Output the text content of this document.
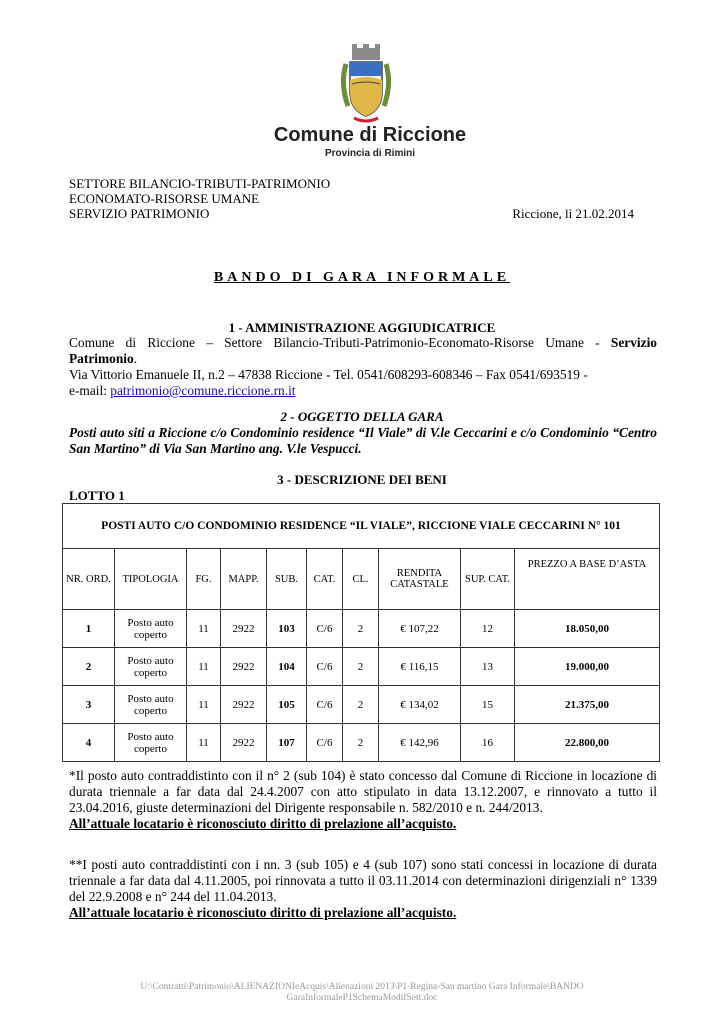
Comune di Riccione
Provincia di Rimini
SETTORE BILANCIO-TRIBUTI-PATRIMONIO
ECONOMATO-RISORSE UMANE
SERVIZIO PATRIMONIO	Riccione, lì 21.02.2014
BANDO DI GARA INFORMALE
1 - AMMINISTRAZIONE AGGIUDICATRICE
Comune di Riccione – Settore Bilancio-Tributi-Patrimonio-Economato-Risorse Umane - Servizio Patrimonio.
Via Vittorio Emanuele II, n.2 – 47838 Riccione - Tel. 0541/608293-608346 – Fax 0541/693519 -
e-mail: patrimonio@comune.riccione.rn.it
2 - OGGETTO DELLA GARA
Posti auto siti a Riccione c/o Condominio residence “Il Viale” di V.le Ceccarini e c/o Condominio “Centro San Martino” di Via San Martino ang. V.le Vespucci.
3 - DESCRIZIONE DEI BENI
LOTTO 1
POSTI AUTO C/O CONDOMINIO RESIDENCE “IL VIALE”, RICCIONE VIALE CECCARINI N° 101									
NR. ORD.	TIPOLOGIA	FG.	MAPP.	SUB.	CAT.	CL.	RENDITA CATASTALE	SUP. CAT.	PREZZO A BASE D’ASTA
1	Posto auto coperto	11	2922	103	C/6	2	€ 107,22	12	18.050,00
2	Posto auto coperto	11	2922	104	C/6	2	€ 116,15	13	19.000,00
3	Posto auto coperto	11	2922	105	C/6	2	€ 134,02	15	21.375,00
4	Posto auto coperto	11	2922	107	C/6	2	€ 142,96	16	22.800,00
*Il posto auto contraddistinto con il n° 2 (sub 104) è stato concesso dal Comune di Riccione in locazione di durata triennale a far data dal 24.4.2007 con atto stipulato in data 13.12.2007, e rinnovato a tutto il 23.04.2016, giuste determinazioni del Dirigente responsabile n. 582/2010 e n. 244/2013.
All’attuale locatario è riconosciuto diritto di prelazione all’acquisto.
**I posti auto contraddistinti con i nn. 3 (sub 105) e 4 (sub 107) sono stati concessi in locazione di durata triennale a far data dal 4.11.2005, poi rinnovata a tutto il 03.11.2014 con determinazioni dirigenziali n° 1339 del 22.9.2008 e n° 244 del 11.04.2013.
All’attuale locatario è riconosciuto diritto di prelazione all’acquisto.
U:\Contratti\Patrimonio\ALIENAZIONIeAcquis\Alienazioni 2013\P1-Regina-San martino Gara Informale\BANDO
GaraInformaleP1SchemaModifSett.doc
